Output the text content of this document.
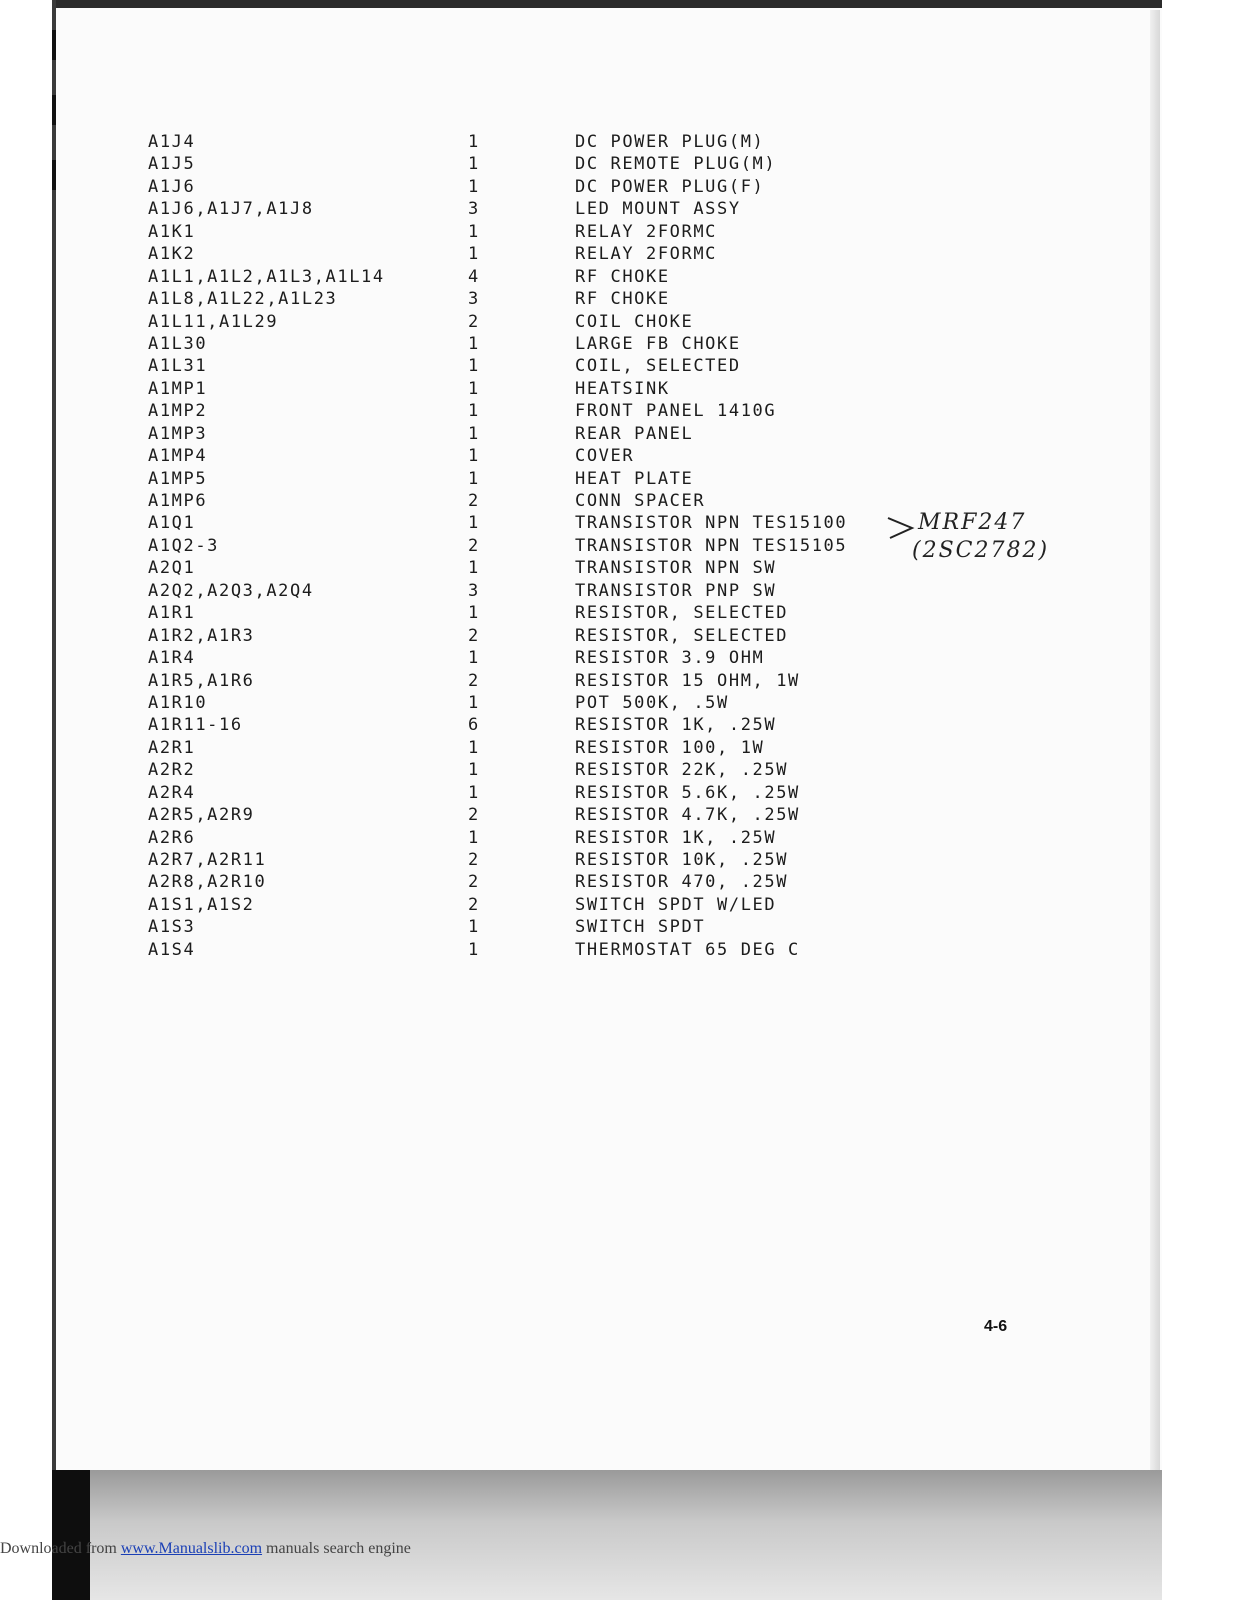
A1J4	1	DC POWER PLUG(M)
A1J5	1	DC REMOTE PLUG(M)
A1J6	1	DC POWER PLUG(F)
A1J6,A1J7,A1J8	3	LED MOUNT ASSY
A1K1	1	RELAY 2FORMC
A1K2	1	RELAY 2FORMC
A1L1,A1L2,A1L3,A1L14	4	RF CHOKE
A1L8,A1L22,A1L23	3	RF CHOKE
A1L11,A1L29	2	COIL CHOKE
A1L30	1	LARGE FB CHOKE
A1L31	1	COIL, SELECTED
A1MP1	1	HEATSINK
A1MP2	1	FRONT PANEL 1410G
A1MP3	1	REAR PANEL
A1MP4	1	COVER
A1MP5	1	HEAT PLATE
A1MP6	2	CONN SPACER
A1Q1	1	TRANSISTOR NPN TES15100
A1Q2-3	2	TRANSISTOR NPN TES15105
A2Q1	1	TRANSISTOR NPN SW
A2Q2,A2Q3,A2Q4	3	TRANSISTOR PNP SW
A1R1	1	RESISTOR, SELECTED
A1R2,A1R3	2	RESISTOR, SELECTED
A1R4	1	RESISTOR 3.9 OHM
A1R5,A1R6	2	RESISTOR 15 OHM, 1W
A1R10	1	POT 500K, .5W
A1R11-16	6	RESISTOR 1K, .25W
A2R1	1	RESISTOR 100, 1W
A2R2	1	RESISTOR 22K, .25W
A2R4	1	RESISTOR 5.6K, .25W
A2R5,A2R9	2	RESISTOR 4.7K, .25W
A2R6	1	RESISTOR 1K, .25W
A2R7,A2R11	2	RESISTOR 10K, .25W
A2R8,A2R10	2	RESISTOR 470, .25W
A1S1,A1S2	2	SWITCH SPDT W/LED
A1S3	1	SWITCH SPDT
A1S4	1	THERMOSTAT 65 DEG C
MRF247
(2SC2782)
4-6
Downloaded from www.Manualslib.com manuals search engine
